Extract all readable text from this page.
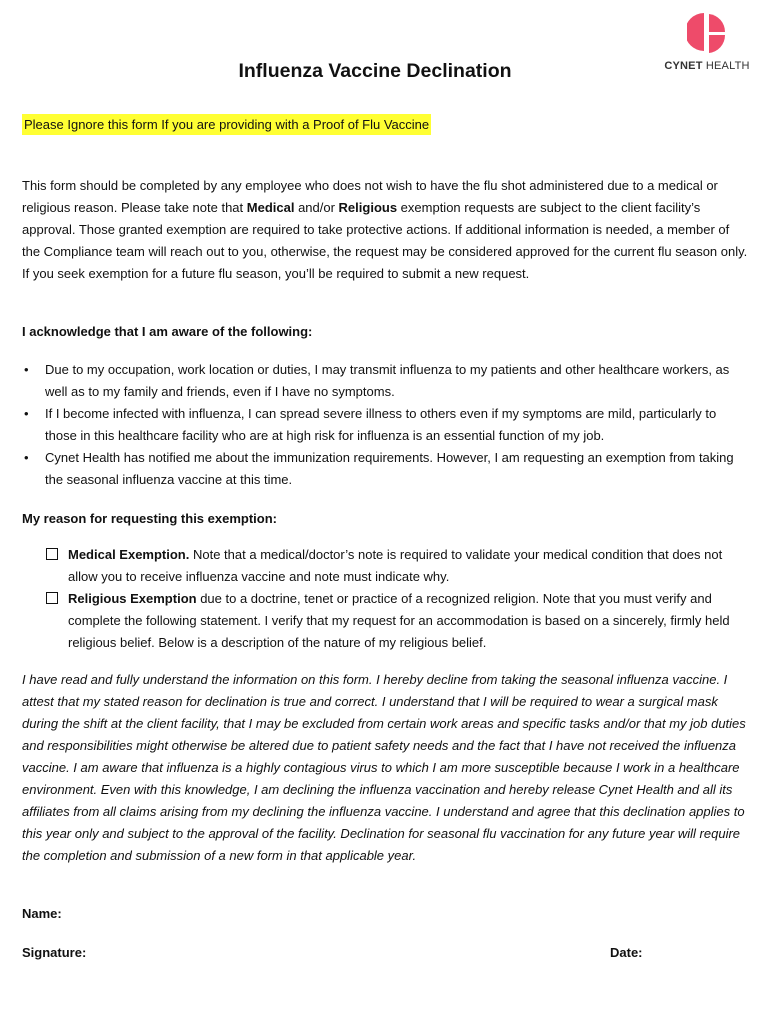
CYNET HEALTH
Influenza Vaccine Declination
Please Ignore this form If you are providing with a Proof of Flu Vaccine

This form should be completed by any employee who does not wish to have the flu shot administered due to a medical or religious reason. Please take note that Medical and/or Religious exemption requests are subject to the client facility’s approval. Those granted exemption are required to take protective actions. If additional information is needed, a member of the Compliance team will reach out to you, otherwise, the request may be considered approved for the current flu season only. If you seek exemption for a future flu season, you’ll be required to submit a new request.

I acknowledge that I am aware of the following:
• Due to my occupation, work location or duties, I may transmit influenza to my patients and other healthcare workers, as well as to my family and friends, even if I have no symptoms.
• If I become infected with influenza, I can spread severe illness to others even if my symptoms are mild, particularly to those in this healthcare facility who are at high risk for influenza is an essential function of my job.
• Cynet Health has notified me about the immunization requirements. However, I am requesting an exemption from taking the seasonal influenza vaccine at this time.
My reason for requesting this exemption:
Medical Exemption. Note that a medical/doctor’s note is required to validate your medical condition that does not allow you to receive influenza vaccine and note must indicate why.
Religious Exemption due to a doctrine, tenet or practice of a recognized religion. Note that you must verify and complete the following statement. I verify that my request for an accommodation is based on a sincerely, firmly held religious belief. Below is a description of the nature of my religious belief.

I have read and fully understand the information on this form. I hereby decline from taking the seasonal influenza vaccine. I attest that my stated reason for declination is true and correct. I understand that I will be required to wear a surgical mask during the shift at the client facility, that I may be excluded from certain work areas and specific tasks and/or that my job duties and responsibilities might otherwise be altered due to patient safety needs and the fact that I have not received the influenza vaccine. I am aware that influenza is a highly contagious virus to which I am more susceptible because I work in a healthcare environment. Even with this knowledge, I am declining the influenza vaccination and hereby release Cynet Health and all its affiliates from all claims arising from my declining the influenza vaccine. I understand and agree that this declination applies to this year only and subject to the approval of the facility. Declination for seasonal flu vaccination for any future year will require the completion and submission of a new form in that applicable year.

Name:
Signature:	Date:
